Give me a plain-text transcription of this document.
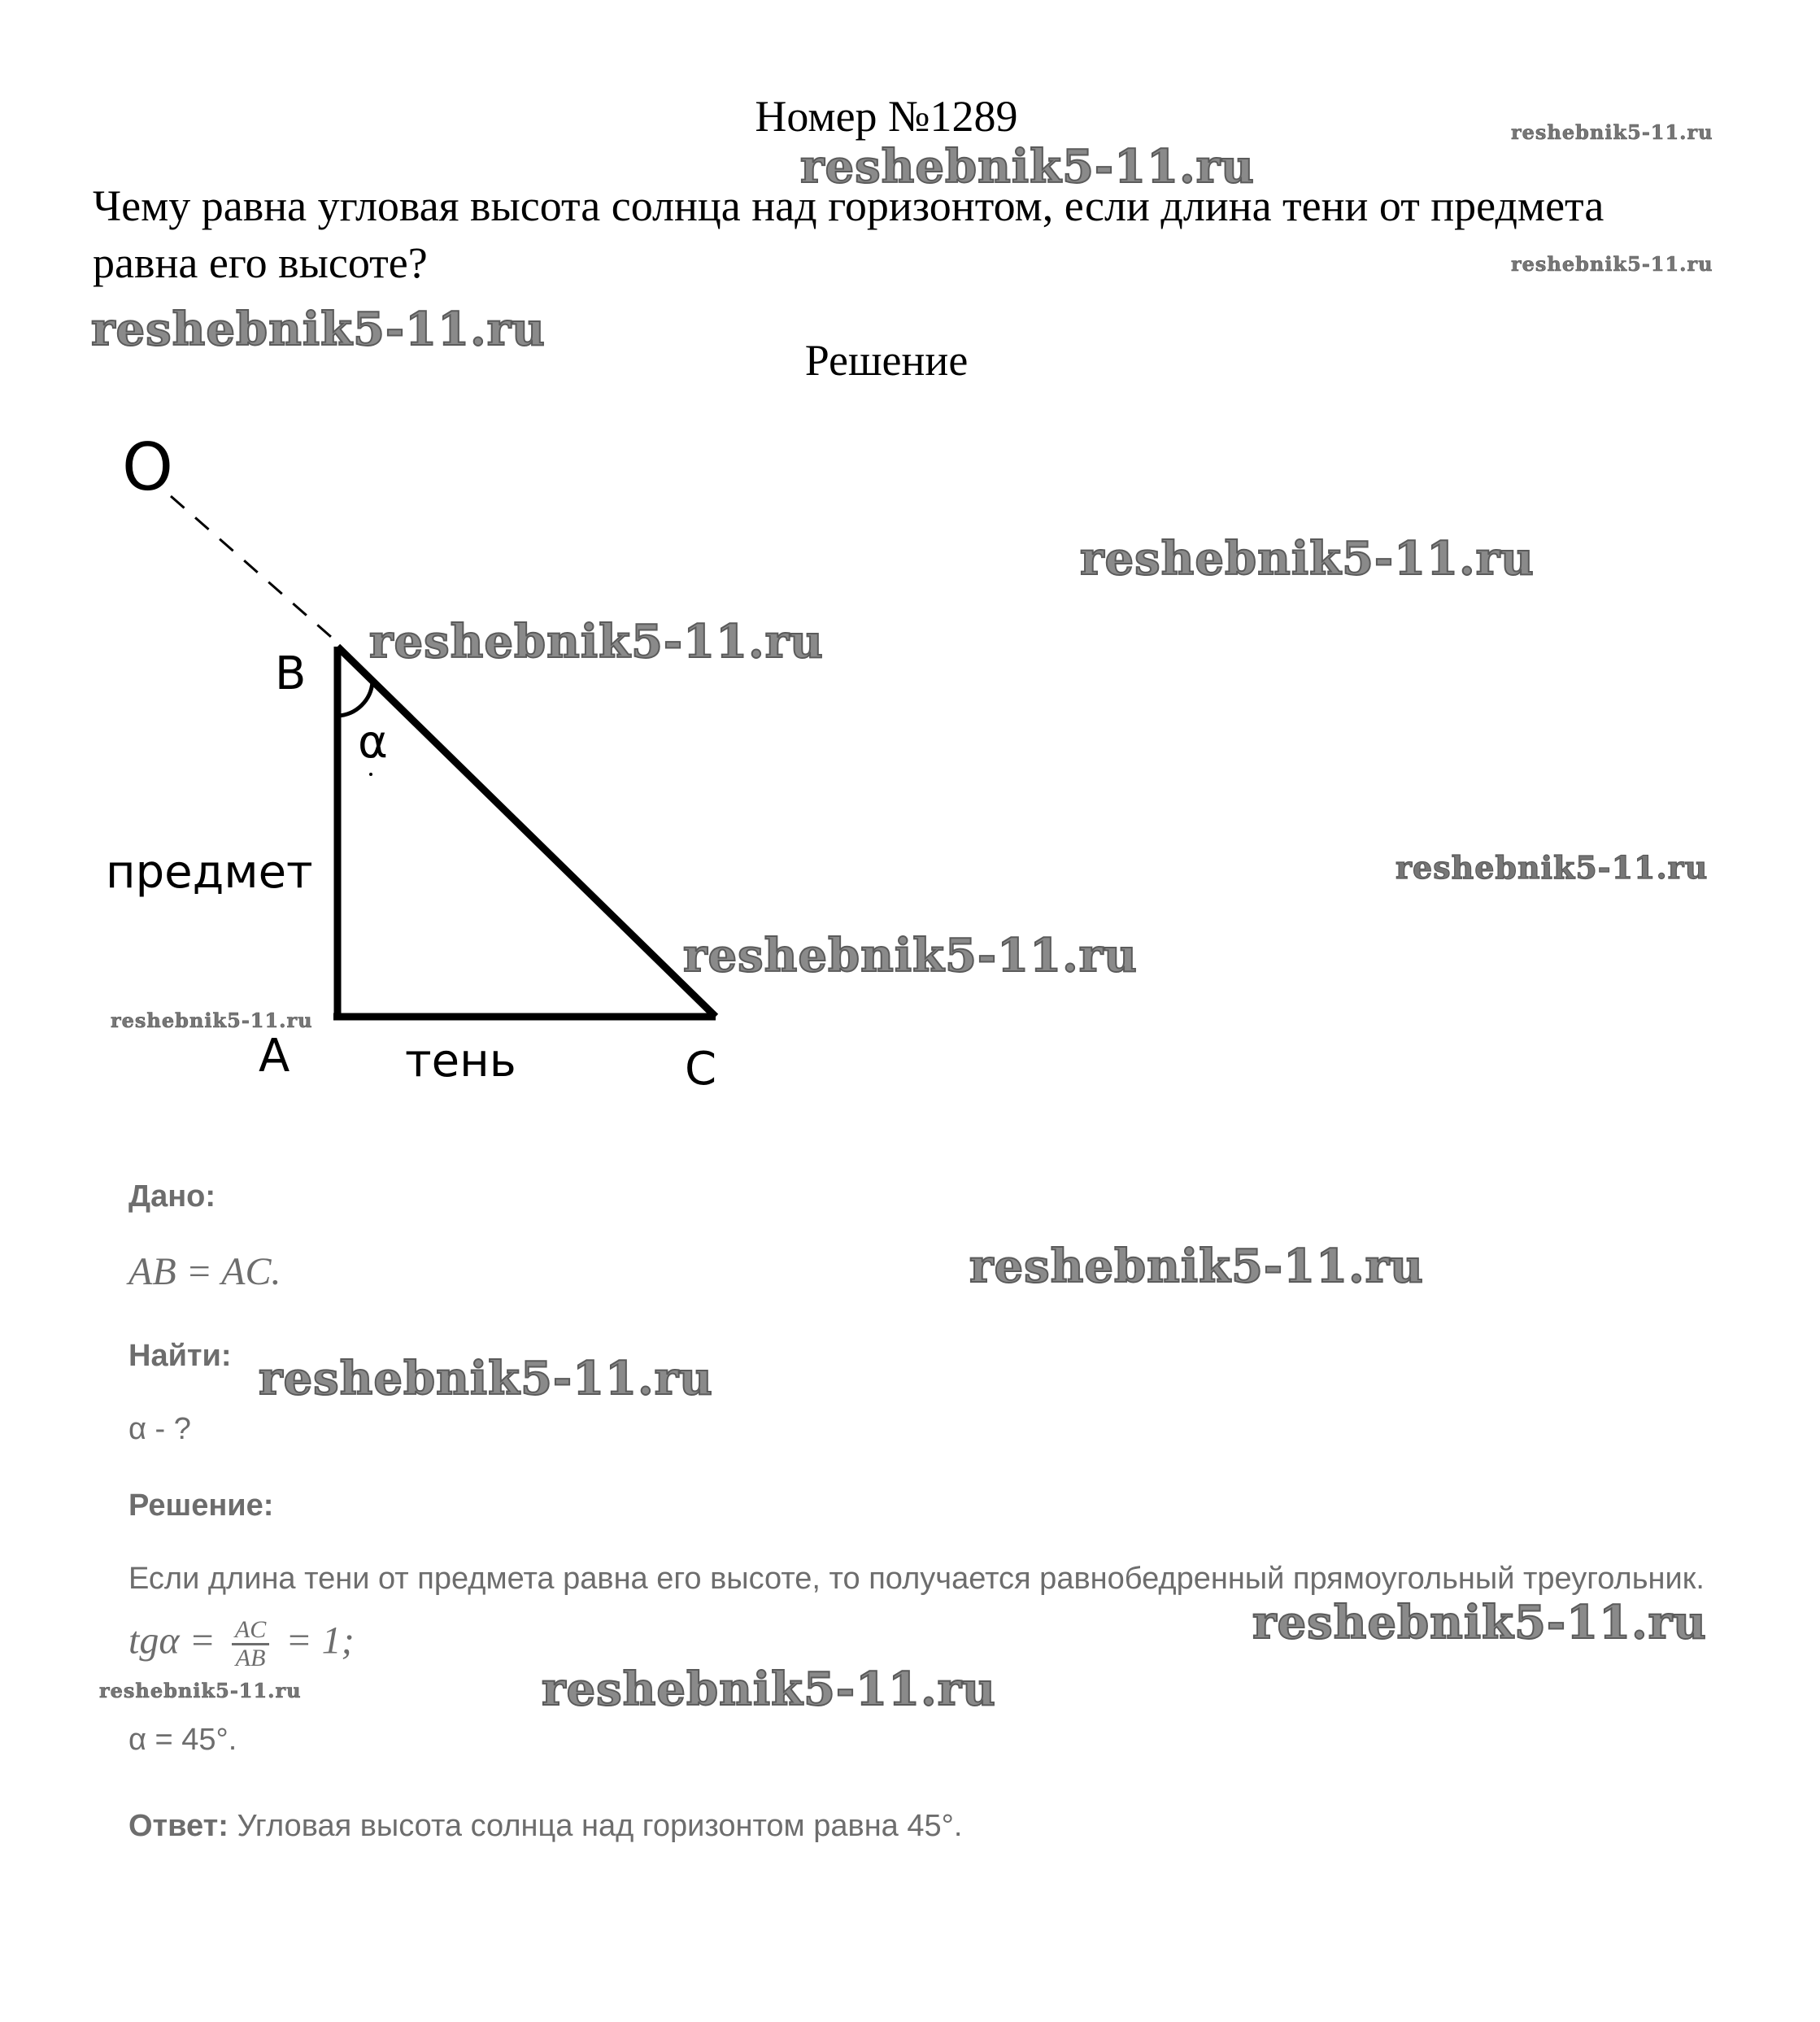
Номер №1289
Чему равна угловая высота солнца над горизонтом, если длина тени от предмета равна его высоте?
Решение
O
B
α
предмет
A	тень	C
Дано:
AB = AC.
Найти:
α - ?
Решение:
Если длина тени от предмета равна его высоте, то получается равнобедренный прямоугольный треугольник.
$tg\alpha = \frac{AC}{AB} = 1$;
α = 45°.
Ответ: Угловая высота солнца над горизонтом равна 45°.
reshebnik5-11.ru
reshebnik5-11.ru
reshebnik5-11.ru
reshebnik5-11.ru
reshebnik5-11.ru
reshebnik5-11.ru
reshebnik5-11.ru
reshebnik5-11.ru
reshebnik5-11.ru
reshebnik5-11.ru
reshebnik5-11.ru
reshebnik5-11.ru
reshebnik5-11.ru	reshebnik5-11.ru
